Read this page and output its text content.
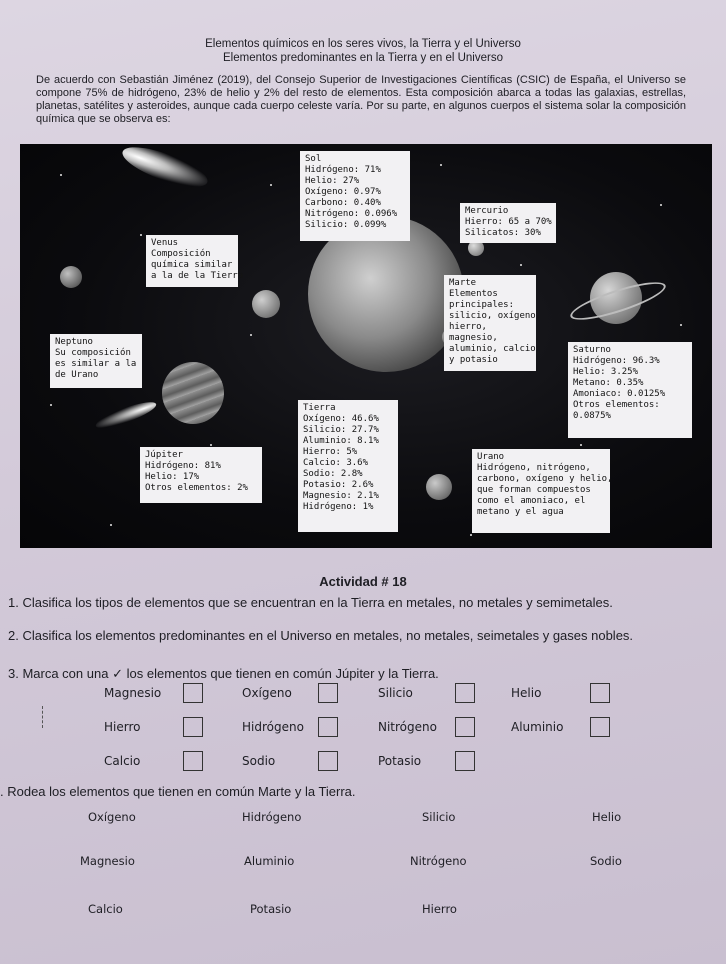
Elementos químicos en los seres vivos, la Tierra y el Universo
Elementos predominantes en la Tierra y en el Universo
De acuerdo con Sebastián Jiménez (2019), del Consejo Superior de Investigaciones Científicas (CSIC) de España, el Universo se compone 75% de hidrógeno, 23% de helio y 2% del resto de elementos. Esta composición abarca a todas las galaxias, estrellas, planetas, satélites y asteroides, aunque cada cuerpo celeste varía. Por su parte, en algunos cuerpos el sistema solar la composición química que se observa es:
Sol
Hidrógeno: 71%
Helio: 27%
Oxígeno: 0.97%
Carbono: 0.40%
Nitrógeno: 0.096%
Silicio: 0.099%
Mercurio
Hierro: 65 a 70%
Silicatos: 30%
Venus
Composición
química similar
a la de la Tierra
Marte
Elementos
principales:
silicio, oxígeno,
hierro,
magnesio,
aluminio, calcio
y potasio
Neptuno
Su composición
es similar a la
de Urano
Saturno
Hidrógeno: 96.3%
Helio: 3.25%
Metano: 0.35%
Amoniaco: 0.0125%
Otros elementos:
0.0875%
Tierra
Oxígeno: 46.6%
Silicio: 27.7%
Aluminio: 8.1%
Hierro: 5%
Calcio: 3.6%
Sodio: 2.8%
Potasio: 2.6%
Magnesio: 2.1%
Hidrógeno: 1%
Júpiter
Hidrógeno: 81%
Helio: 17%
Otros elementos: 2%
Urano
Hidrógeno, nitrógeno,
carbono, oxígeno y helio,
que forman compuestos
como el amoniaco, el
metano y el agua
Actividad # 18
1. Clasifica los tipos de elementos que se encuentran en la Tierra en metales, no metales y semimetales.
2. Clasifica los elementos predominantes en el Universo en metales, no metales, seimetales y gases nobles.
3. Marca con una ✓ los elementos que tienen en común Júpiter y la Tierra.
Magnesio	Oxígeno	Silicio	Helio
Hierro	Hidrógeno	Nitrógeno	Aluminio
Calcio	Sodio	Potasio
. Rodea los elementos que tienen en común Marte y la Tierra.
Oxígeno	Hidrógeno	Silicio	Helio
Magnesio	Aluminio	Nitrógeno	Sodio
Calcio	Potasio	Hierro
